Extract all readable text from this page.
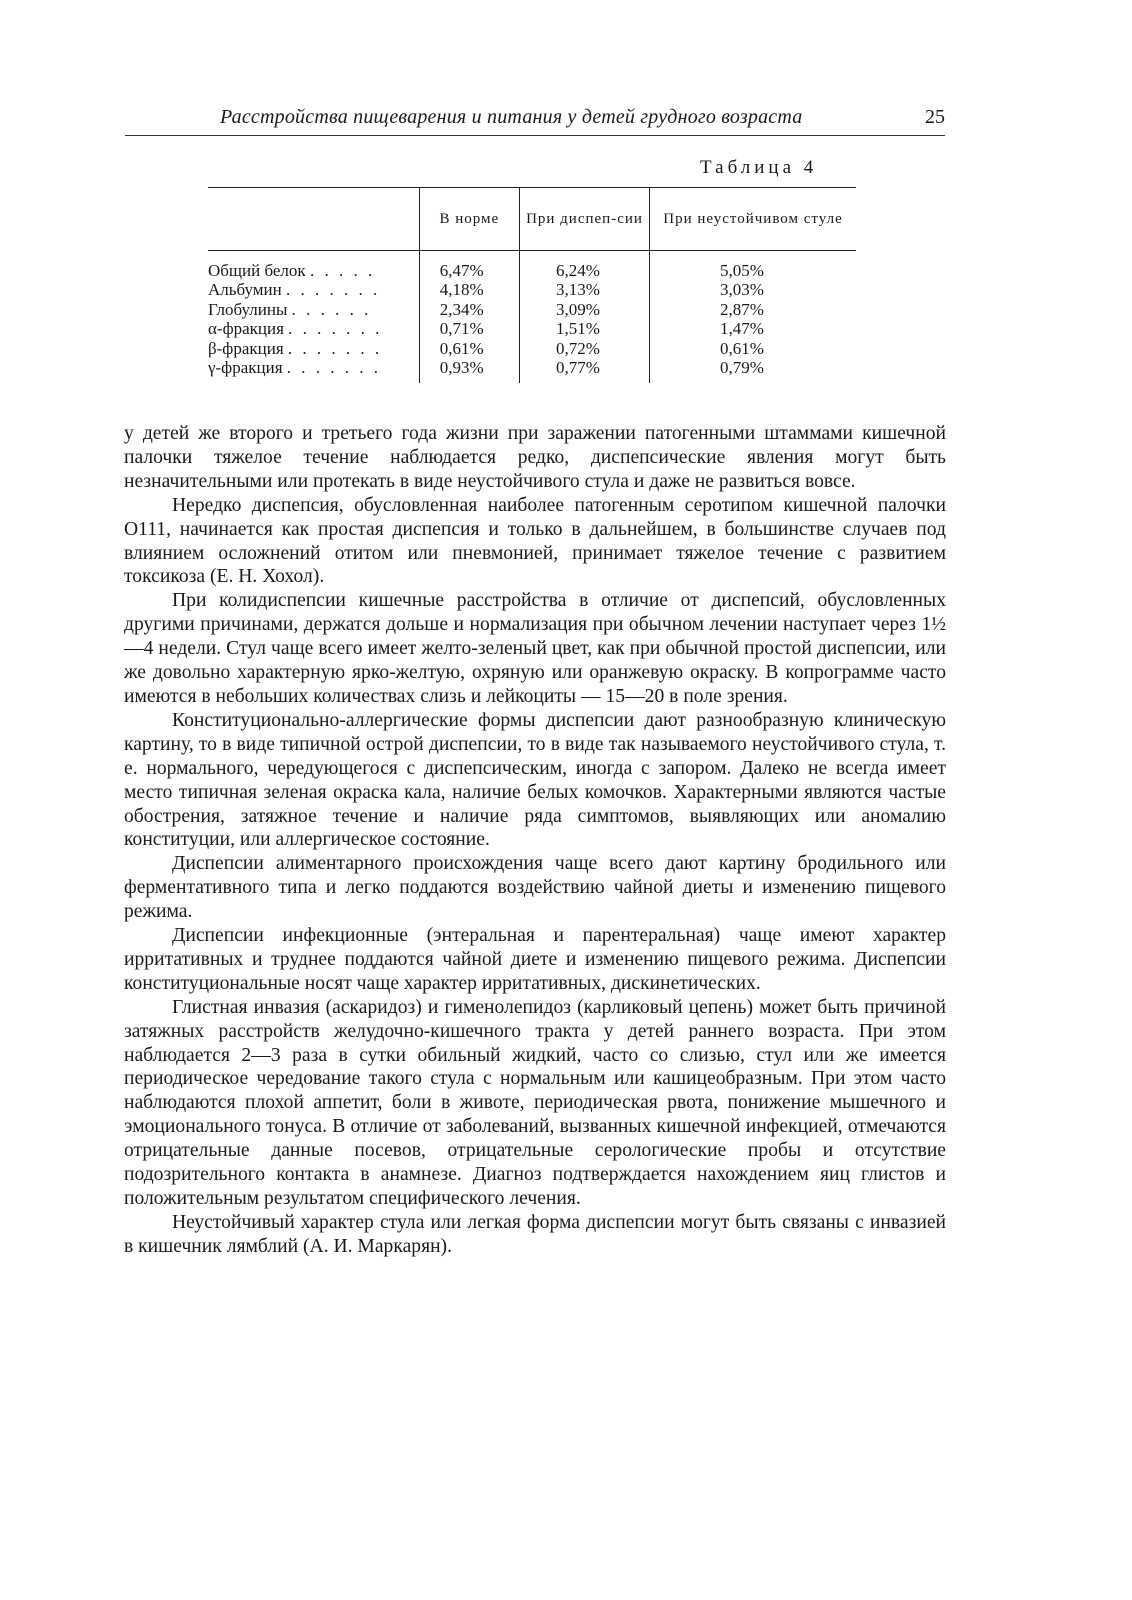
Расстройства пищеварения и питания у детей грудного возраста	25
Таблица 4
	В норме	При диспеп-сии	При неустойчивом стуле
Общий белок . . . . .	6,47%	6,24%	5,05%
Альбумин . . . . . . .	4,18%	3,13%	3,03%
Глобулины . . . . . .	2,34%	3,09%	2,87%
α-фракция . . . . . . .	0,71%	1,51%	1,47%
β-фракция . . . . . . .	0,61%	0,72%	0,61%
γ-фракция . . . . . . .	0,93%	0,77%	0,79%

у детей же второго и третьего года жизни при заражении патогенными штаммами кишечной палочки тяжелое течение наблюдается редко, диспепсические явления могут быть незначительными или протекать в виде неустойчивого стула и даже не развиться вовсе.

Нередко диспепсия, обусловленная наиболее патогенным серотипом кишечной палочки О111, начинается как простая диспепсия и только в дальнейшем, в большинстве случаев под влиянием осложнений отитом или пневмонией, принимает тяжелое течение с развитием токсикоза (Е. Н. Хохол).

При колидиспепсии кишечные расстройства в отличие от диспепсий, обусловленных другими причинами, держатся дольше и нормализация при обычном лечении наступает через 1½—4 недели. Стул чаще всего имеет желто-зеленый цвет, как при обычной простой диспепсии, или же довольно характерную ярко-желтую, охряную или оранжевую окраску. В копрограмме часто имеются в небольших количествах слизь и лейкоциты — 15—20 в поле зрения.

Конституционально-аллергические формы диспепсии дают разнообразную клиническую картину, то в виде типичной острой диспепсии, то в виде так называемого неустойчивого стула, т. е. нормального, чередующегося с диспепсическим, иногда с запором. Далеко не всегда имеет место типичная зеленая окраска кала, наличие белых комочков. Характерными являются частые обострения, затяжное течение и наличие ряда симптомов, выявляющих или аномалию конституции, или аллергическое состояние.

Диспепсии алиментарного происхождения чаще всего дают картину бродильного или ферментативного типа и легко поддаются воздействию чайной диеты и изменению пищевого режима.

Диспепсии инфекционные (энтеральная и парентеральная) чаще имеют характер ирритативных и труднее поддаются чайной диете и изменению пищевого режима. Диспепсии конституциональные носят чаще характер ирритативных, дискинетических.

Глистная инвазия (аскаридоз) и гименолепидоз (карликовый цепень) может быть причиной затяжных расстройств желудочно-кишечного тракта у детей раннего возраста. При этом наблюдается 2—3 раза в сутки обильный жидкий, часто со слизью, стул или же имеется периодическое чередование такого стула с нормальным или кашицеобразным. При этом часто наблюдаются плохой аппетит, боли в животе, периодическая рвота, понижение мышечного и эмоционального тонуса. В отличие от заболеваний, вызванных кишечной инфекцией, отмечаются отрицательные данные посевов, отрицательные серологические пробы и отсутствие подозрительного контакта в анамнезе. Диагноз подтверждается нахождением яиц глистов и положительным результатом специфического лечения.

Неустойчивый характер стула или легкая форма диспепсии могут быть связаны с инвазией в кишечник лямблий (А. И. Маркарян).
